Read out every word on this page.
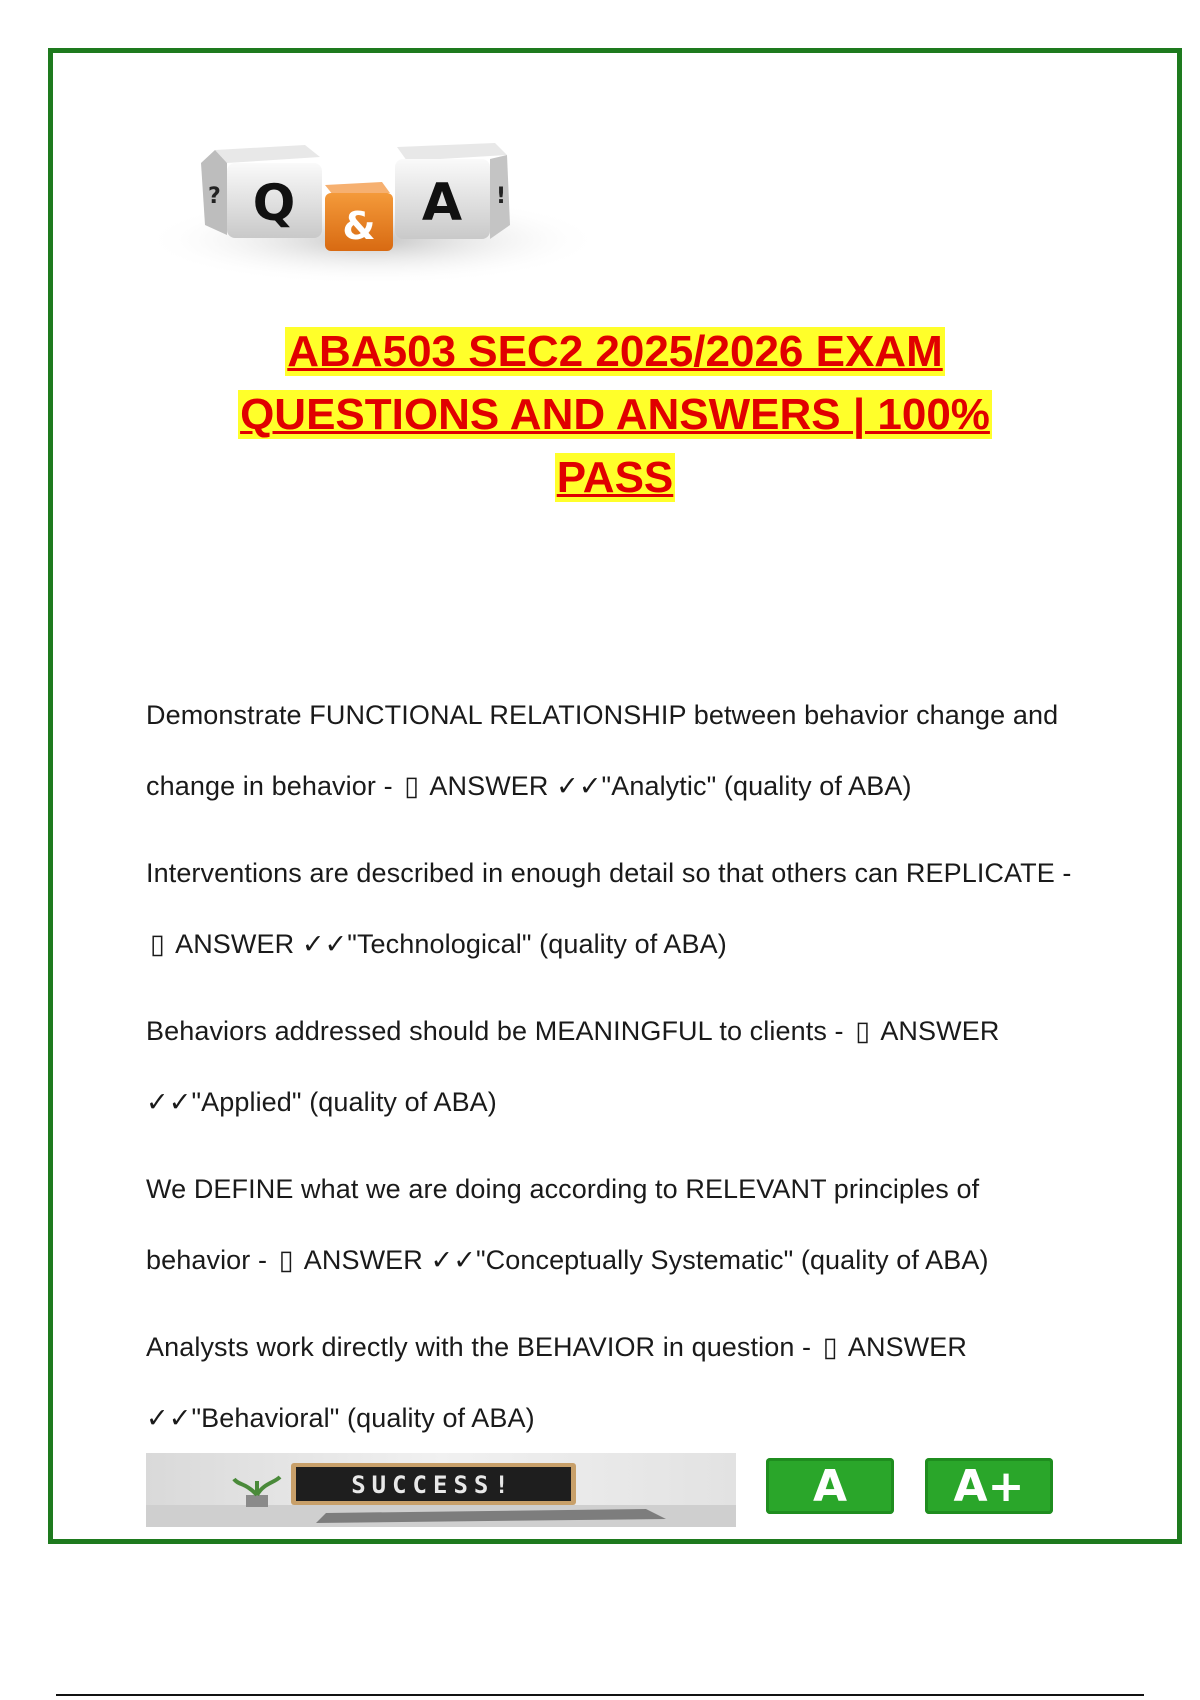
? Q & A !
ABA503 SEC2 2025/2026 EXAM
QUESTIONS AND ANSWERS | 100%
PASS

Demonstrate FUNCTIONAL RELATIONSHIP between behavior change and change in behavior - ▯ ANSWER ✓✓"Analytic" (quality of ABA)

Interventions are described in enough detail so that others can REPLICATE - ▯ ANSWER ✓✓"Technological" (quality of ABA)

Behaviors addressed should be MEANINGFUL to clients - ▯ ANSWER ✓✓"Applied" (quality of ABA)

We DEFINE what we are doing according to RELEVANT principles of behavior - ▯ ANSWER ✓✓"Conceptually Systematic" (quality of ABA)

Analysts work directly with the BEHAVIOR in question - ▯ ANSWER ✓✓"Behavioral" (quality of ABA)

SUCCESS!	A	A+
